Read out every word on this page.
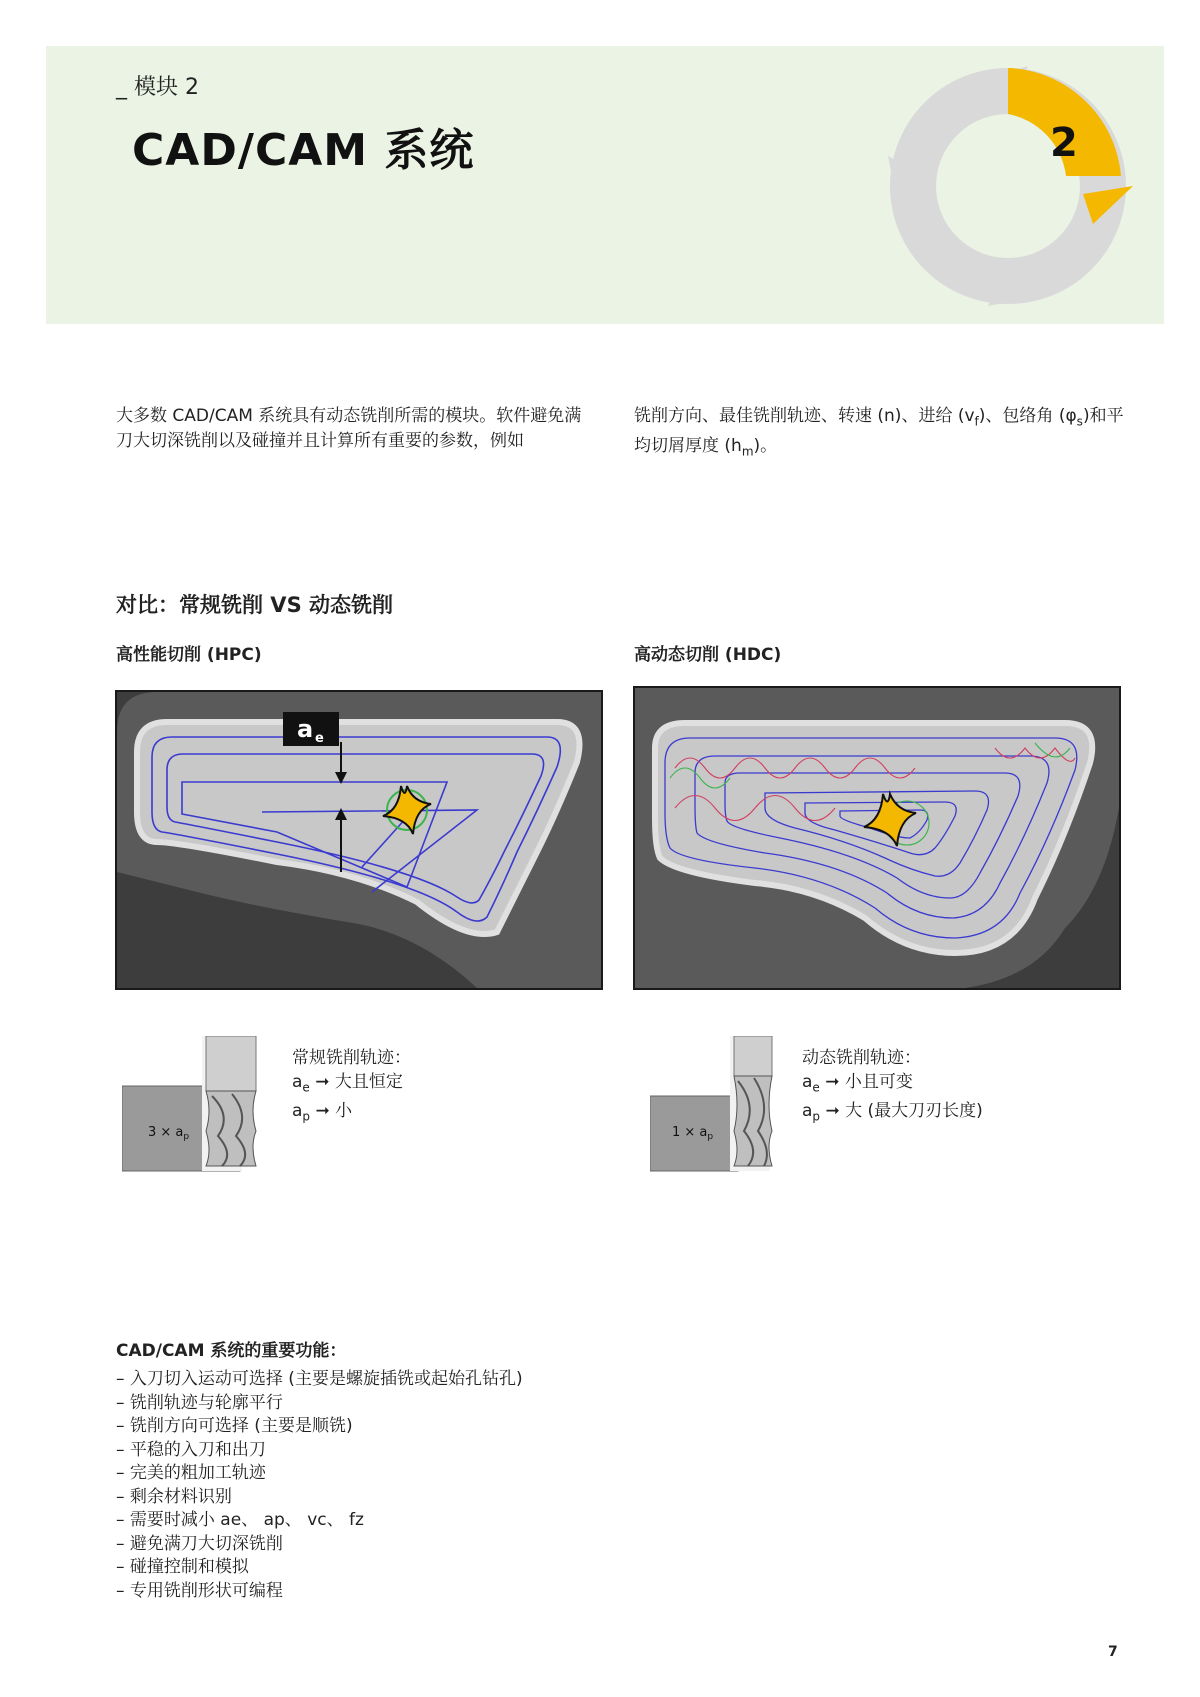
_ 模块 2
CAD/CAM 系统	2
大多数 CAD/CAM 系统具有动态铣削所需的模块。软件避免满刀大切深铣削以及碰撞并且计算所有重要的参数，例如
铣削方向、最佳铣削轨迹、转速 (n)、进给 $(v_f)$、包络角 $(\varphi_s)$和平均切屑厚度 $(h_m)$。
对比：常规铣削 VS 动态铣削
高性能切削 (HPC)	高动态切削 (HDC)
a e
$3 \times a_p$	$1 \times a_p$
常规铣削轨迹：
$a_e$ ➞ 大且恒定
$a_p$ ➞ 小
动态铣削轨迹：
$a_e$ ➞ 小且可变
$a_p$ ➞ 大 (最大刀刃长度)
CAD/CAM 系统的重要功能：
– 入刀切入运动可选择 (主要是螺旋插铣或起始孔钻孔)
– 铣削轨迹与轮廓平行
– 铣削方向可选择 (主要是顺铣)
– 平稳的入刀和出刀
– 完美的粗加工轨迹
– 剩余材料识别
– 需要时减小 ae、 ap、 vc、 fz
– 避免满刀大切深铣削
– 碰撞控制和模拟
– 专用铣削形状可编程
7
